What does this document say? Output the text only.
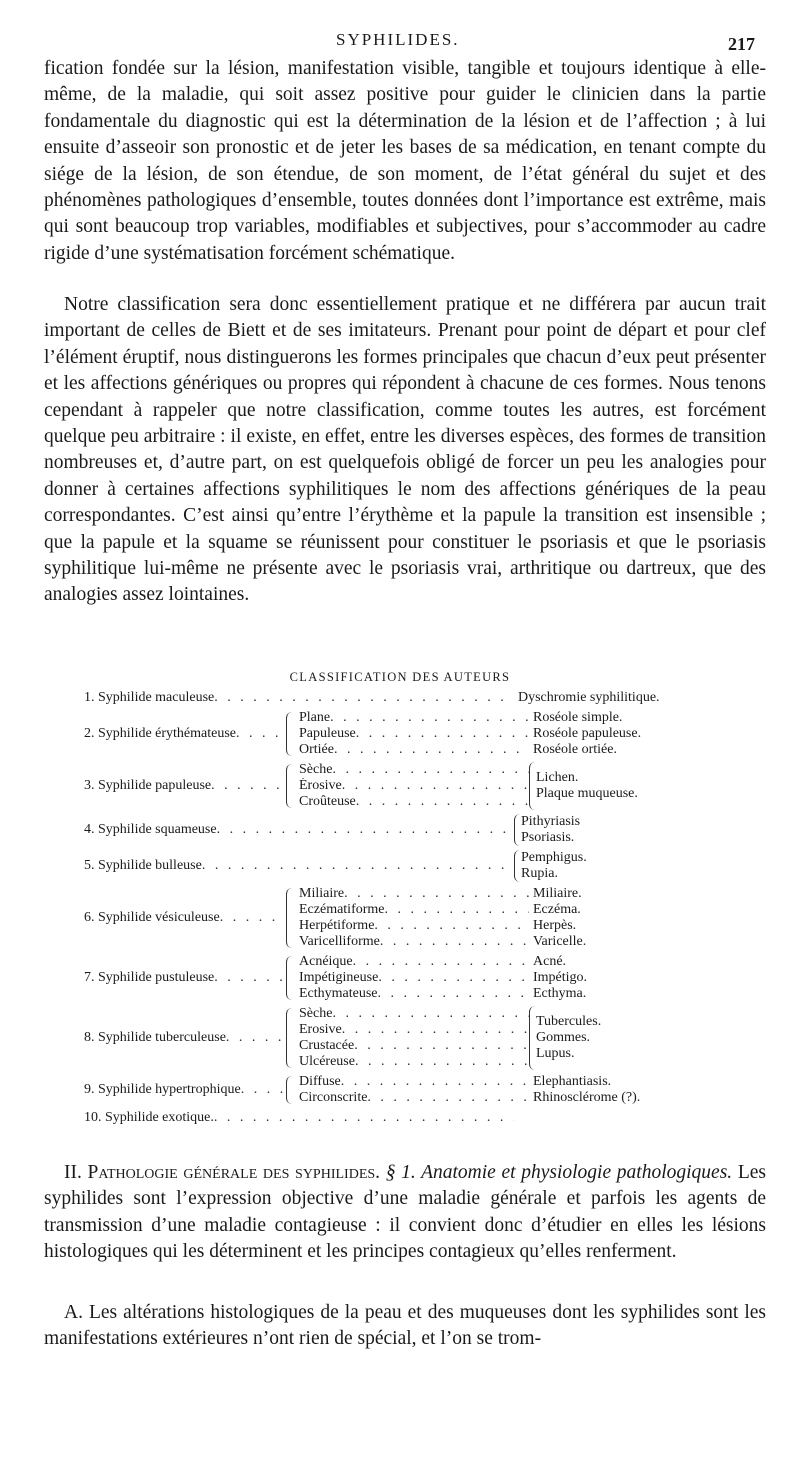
SYPHILIDES.	217

fication fondée sur la lésion, manifestation visible, tangible et toujours identique à elle-même, de la maladie, qui soit assez positive pour guider le clinicien dans la partie fondamentale du diagnostic qui est la détermination de la lésion et de l’affection ; à lui ensuite d’asseoir son pronostic et de jeter les bases de sa médication, en tenant compte du siége de la lésion, de son étendue, de son moment, de l’état général du sujet et des phénomènes pathologiques d’ensemble, toutes données dont l’importance est extrême, mais qui sont beaucoup trop variables, modifiables et subjectives, pour s’accommoder au cadre rigide d’une systématisation forcément schématique.

Notre classification sera donc essentiellement pratique et ne différera par aucun trait important de celles de Biett et de ses imitateurs. Prenant pour point de départ et pour clef l’élément éruptif, nous distinguerons les formes principales que chacun d’eux peut présenter et les affections génériques ou propres qui répondent à chacune de ces formes. Nous tenons cependant à rappeler que notre classification, comme toutes les autres, est forcément quelque peu arbitraire : il existe, en effet, entre les diverses espèces, des formes de transition nombreuses et, d’autre part, on est quelquefois obligé de forcer un peu les analogies pour donner à certaines affections syphilitiques le nom des affections génériques de la peau correspondantes. C’est ainsi qu’entre l’érythème et la papule la transition est insensible ; que la papule et la squame se réunissent pour constituer le psoriasis et que le psoriasis syphilitique lui-même ne présente avec le psoriasis vrai, arthritique ou dartreux, que des analogies assez lointaines.

CLASSIFICATION DES AUTEURS
1. Syphilide maculeuse . . .	Dyschromie syphilitique.
2. Syphilide érythémateuse
. . .
Plane
. . .
Papuleuse
. . .
Ortiée
. . .
Roséole simple.
Roséole papuleuse.
Roséole ortiée.
3. Syphilide papuleuse
. . .
Sèche
. . .
Érosive
. . .
Croûteuse
. . .
Lichen.
Plaque muqueuse.
4. Syphilide squameuse
. . .
Pithyriasis
Psoriasis.
5. Syphilide bulleuse
. . .
Pemphigus.
Rupia.
6. Syphilide vésiculeuse
. . .
Miliaire
. . .
Eczématiforme
. . .
Herpétiforme
. . .
Varicelliforme
. . .
Miliaire.
Eczéma.
Herpès.
Varicelle.
7. Syphilide pustuleuse
. . .
Acnéique
. . .
Impétigineuse
. . .
Ecthymateuse
. . .
Acné.
Impétigo.
Ecthyma.
8. Syphilide tuberculeuse
. . .
Sèche
. . .
Erosive
. . .
Crustacée
. . .
Ulcéreuse
. . .
Tubercules.
Gommes.
Lupus.
9. Syphilide hypertrophique
. . .
Diffuse
. . .
Circonscrite
. . .
Elephantiasis.
Rhinosclérome (?).
10. Syphilide exotique.
. . .

II. Pathologie générale des syphilides. § 1. Anatomie et physiologie pathologiques. Les syphilides sont l’expression objective d’une maladie générale et parfois les agents de transmission d’une maladie contagieuse : il convient donc d’étudier en elles les lésions histologiques qui les déterminent et les principes contagieux qu’elles renferment.

A. Les altérations histologiques de la peau et des muqueuses dont les syphilides sont les manifestations extérieures n’ont rien de spécial, et l’on se trom-
